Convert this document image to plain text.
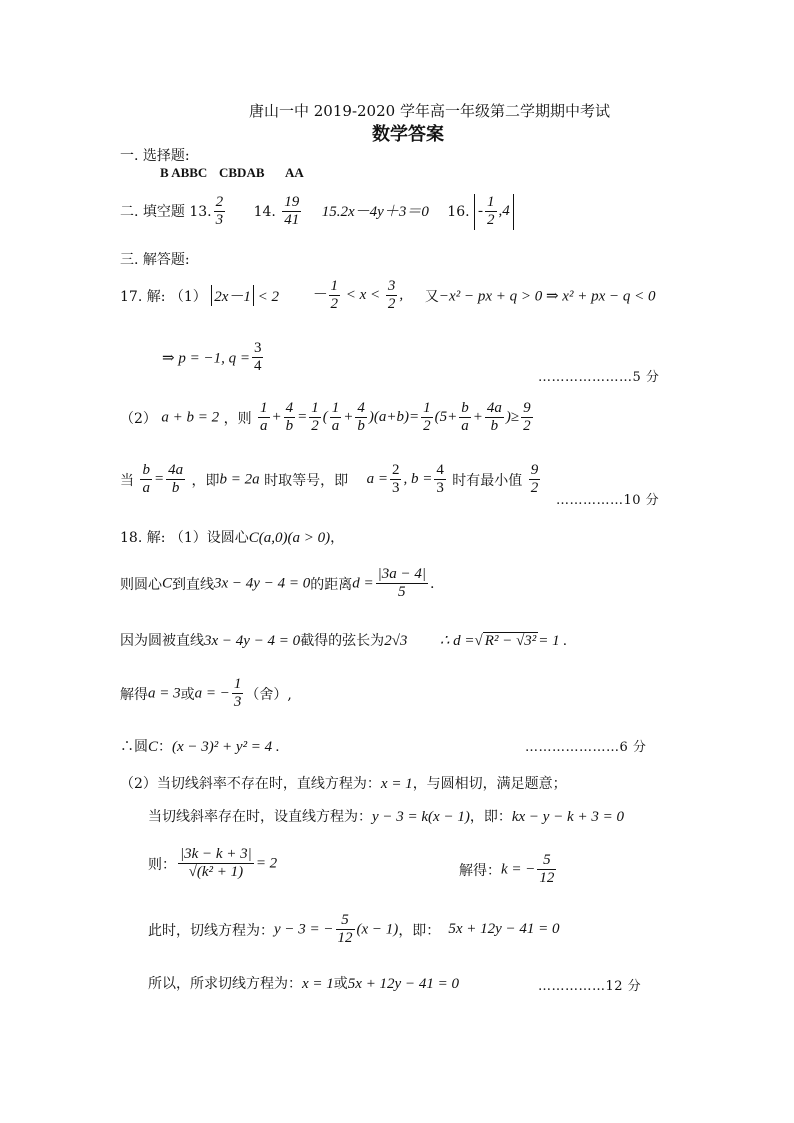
唐山一中 2019-2020 学年高一年级第二学期期中考试
数学答案
一. 选择题:
B ABBC CBDAB AA
二. 填空题 13. $\frac{2}{3} 14$. $\frac{19}{41} 15.2x-4y+3=0$ 16. - $\frac{1}{2} ,4$
三. 解答题:
17. 解: （1） $2x-1 < 2 - \frac{1}{2} < x < \frac{3}{2}$ , 又−x² − px + q > 0 ⇒ x² + px − q < 0
⇒ p = −1, $q = \frac{3}{4}$
…………………5 分
（2） a + b = 2 ，则 $\frac{1}{a} + \frac{4}{b} = \frac{1}{2}$ ( $\frac{1}{a} + \frac{4}{b} )(a+b)= \frac{1}{2} (5+ \frac{b}{a} + \frac{4a}{b}$ )≥ $\frac{9}{2}$
当 $\frac{b}{a} = \frac{4a}{b}$ ，即b = 2a 时取等号，即 $a = \frac{2}{3}$ , $b = \frac{4}{3}$ 时有最小值 $\frac{9}{2}$
……………10 分
18. 解: （1）设圆心C(a,0)(a > 0)，
则圆心C到直线3x − 4y − 4 = 0的距离$d = \frac{|3a - 4|}{5}$ .
因为圆被直线3x − 4y − 4 = 0截得的弦长为2√3 ∴ d =√ R² − √3² = 1 .
解得a = 3或a = − $\frac{1}{3}$ （舍）,
∴圆C：(x − 3)² + y² = 4 .	…………………6 分
（2）当切线斜率不存在时，直线方程为：x = 1，与圆相切，满足题意；
当切线斜率存在时，设直线方程为：y − 3 = k(x − 1)，即：kx − y − k + 3 = 0
则： $\frac{|3k - k + 3|}{\text{√(k² + 1)}} = 2$	解得：k = − $\frac{5}{12}$
此时，切线方程为：y − 3 = − $\frac{5}{12} (x - 1)$，即： 5x + 12y − 41 = 0
所以，所求切线方程为：x = 1或5x + 12y − 41 = 0	……………12 分
